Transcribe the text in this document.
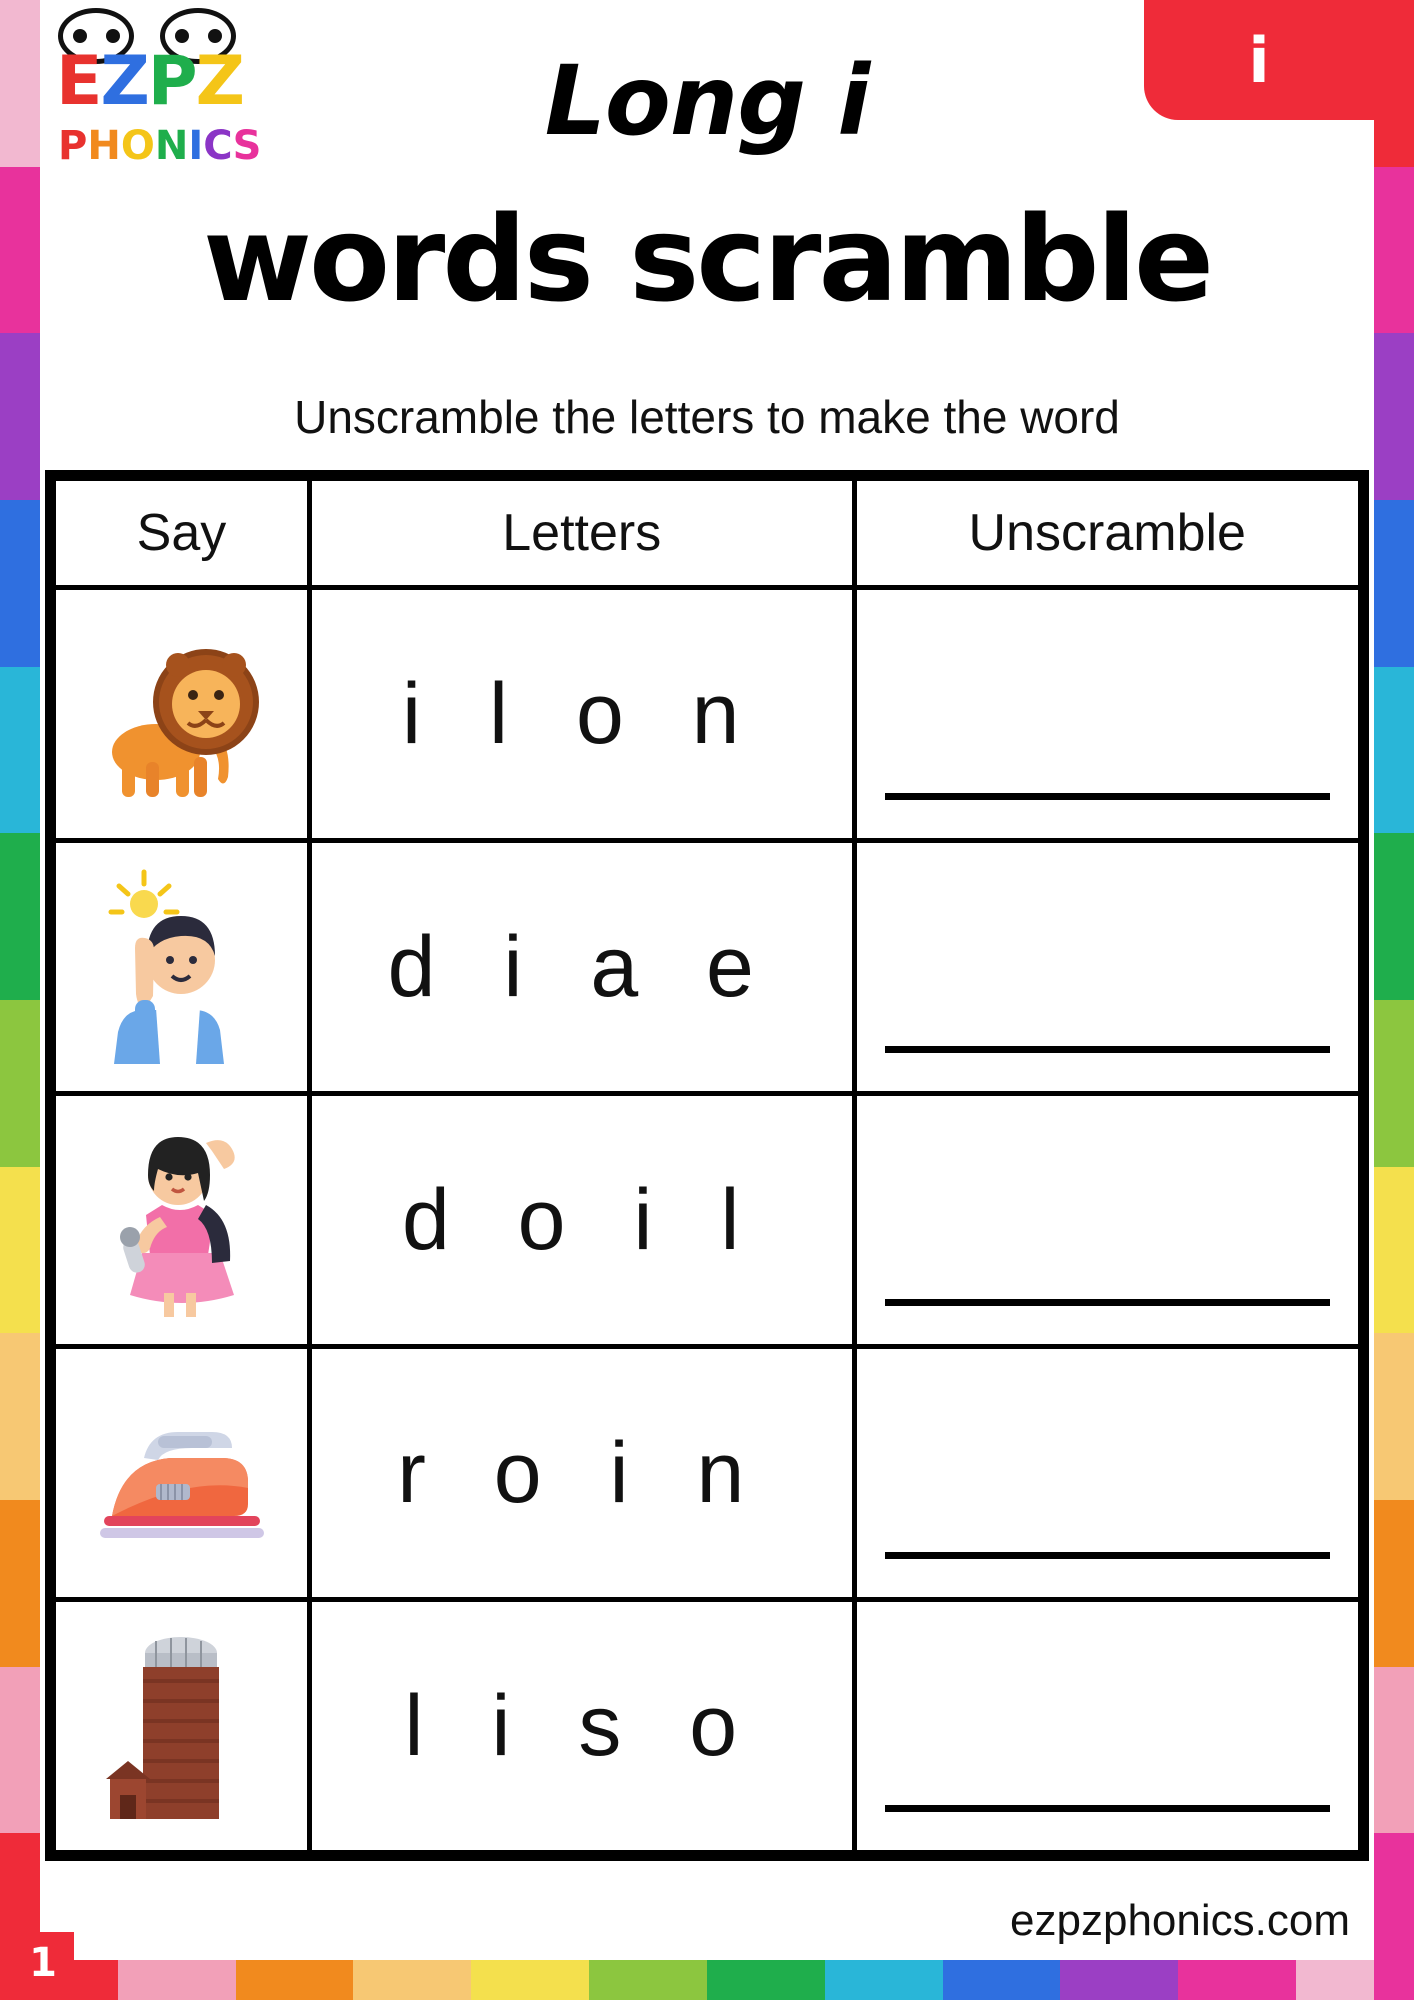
EZPZ
PHONICS
i
Long i
words scramble
Unscramble the letters to make the word
Say	Letters	Unscramble

	i l o n	

	d i a e	

	d o i l	

	r o i n	

	l i s o	
ezpzphonics.com
1
